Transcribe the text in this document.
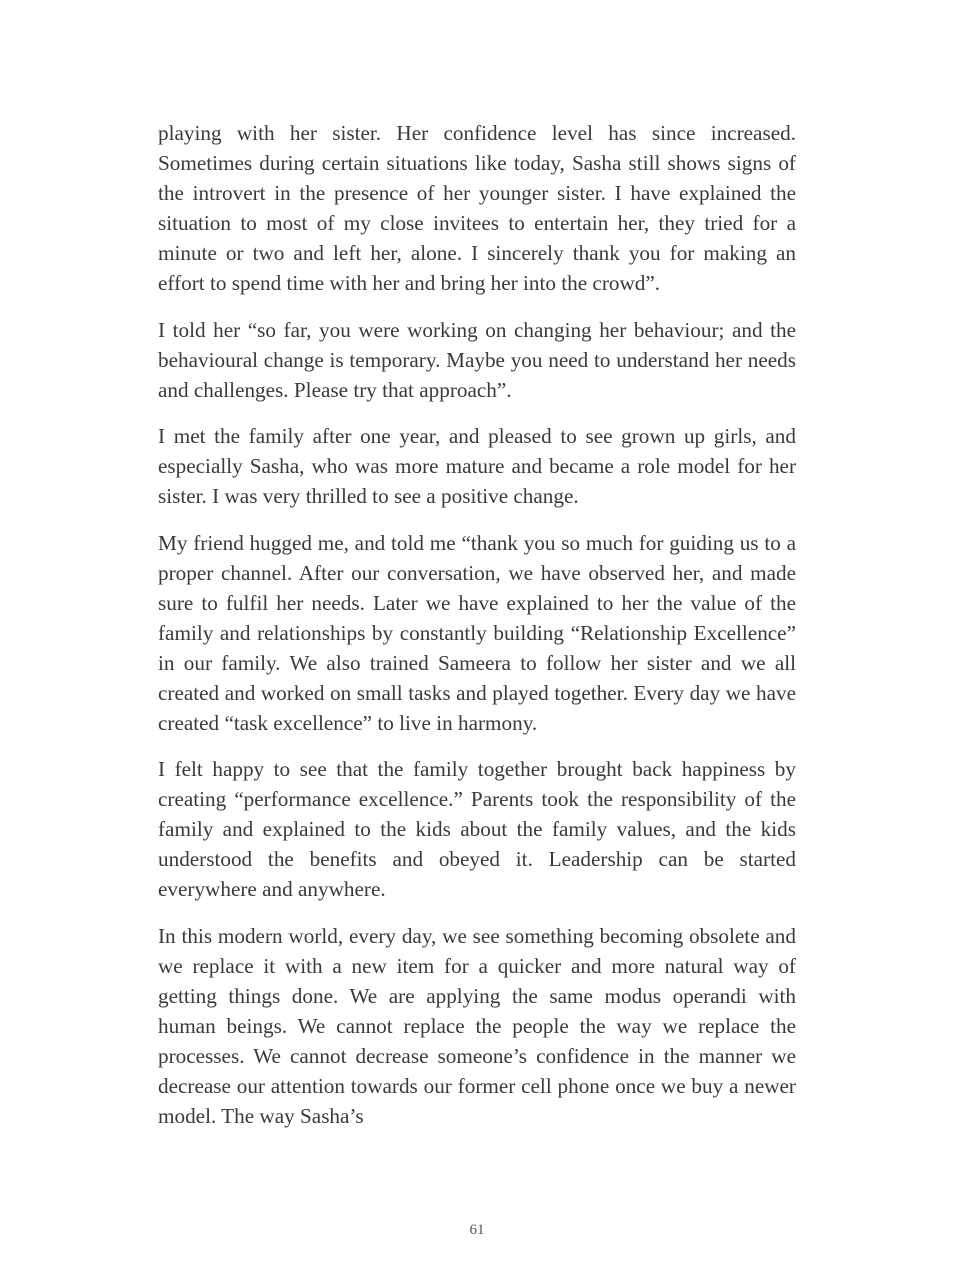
playing with her sister. Her confidence level has since increased. Sometimes during certain situations like today, Sasha still shows signs of the introvert in the presence of her younger sister. I have explained the situation to most of my close invitees to entertain her, they tried for a minute or two and left her, alone. I sincerely thank you for making an effort to spend time with her and bring her into the crowd”.

I told her “so far, you were working on changing her behaviour; and the behavioural change is temporary. Maybe you need to understand her needs and challenges. Please try that approach”.

I met the family after one year, and pleased to see grown up girls, and especially Sasha, who was more mature and became a role model for her sister. I was very thrilled to see a positive change.

My friend hugged me, and told me “thank you so much for guiding us to a proper channel. After our conversation, we have observed her, and made sure to fulfil her needs. Later we have explained to her the value of the family and relationships by constantly building “Relationship Excellence” in our family. We also trained Sameera to follow her sister and we all created and worked on small tasks and played together. Every day we have created “task excellence” to live in harmony.

I felt happy to see that the family together brought back happiness by creating “performance excellence.” Parents took the responsibility of the family and explained to the kids about the family values, and the kids understood the benefits and obeyed it. Leadership can be started everywhere and anywhere.

In this modern world, every day, we see something becoming obsolete and we replace it with a new item for a quicker and more natural way of getting things done. We are applying the same modus operandi with human beings. We cannot replace the people the way we replace the processes. We cannot decrease someone’s confidence in the manner we decrease our attention towards our former cell phone once we buy a newer model. The way Sasha’s

61
